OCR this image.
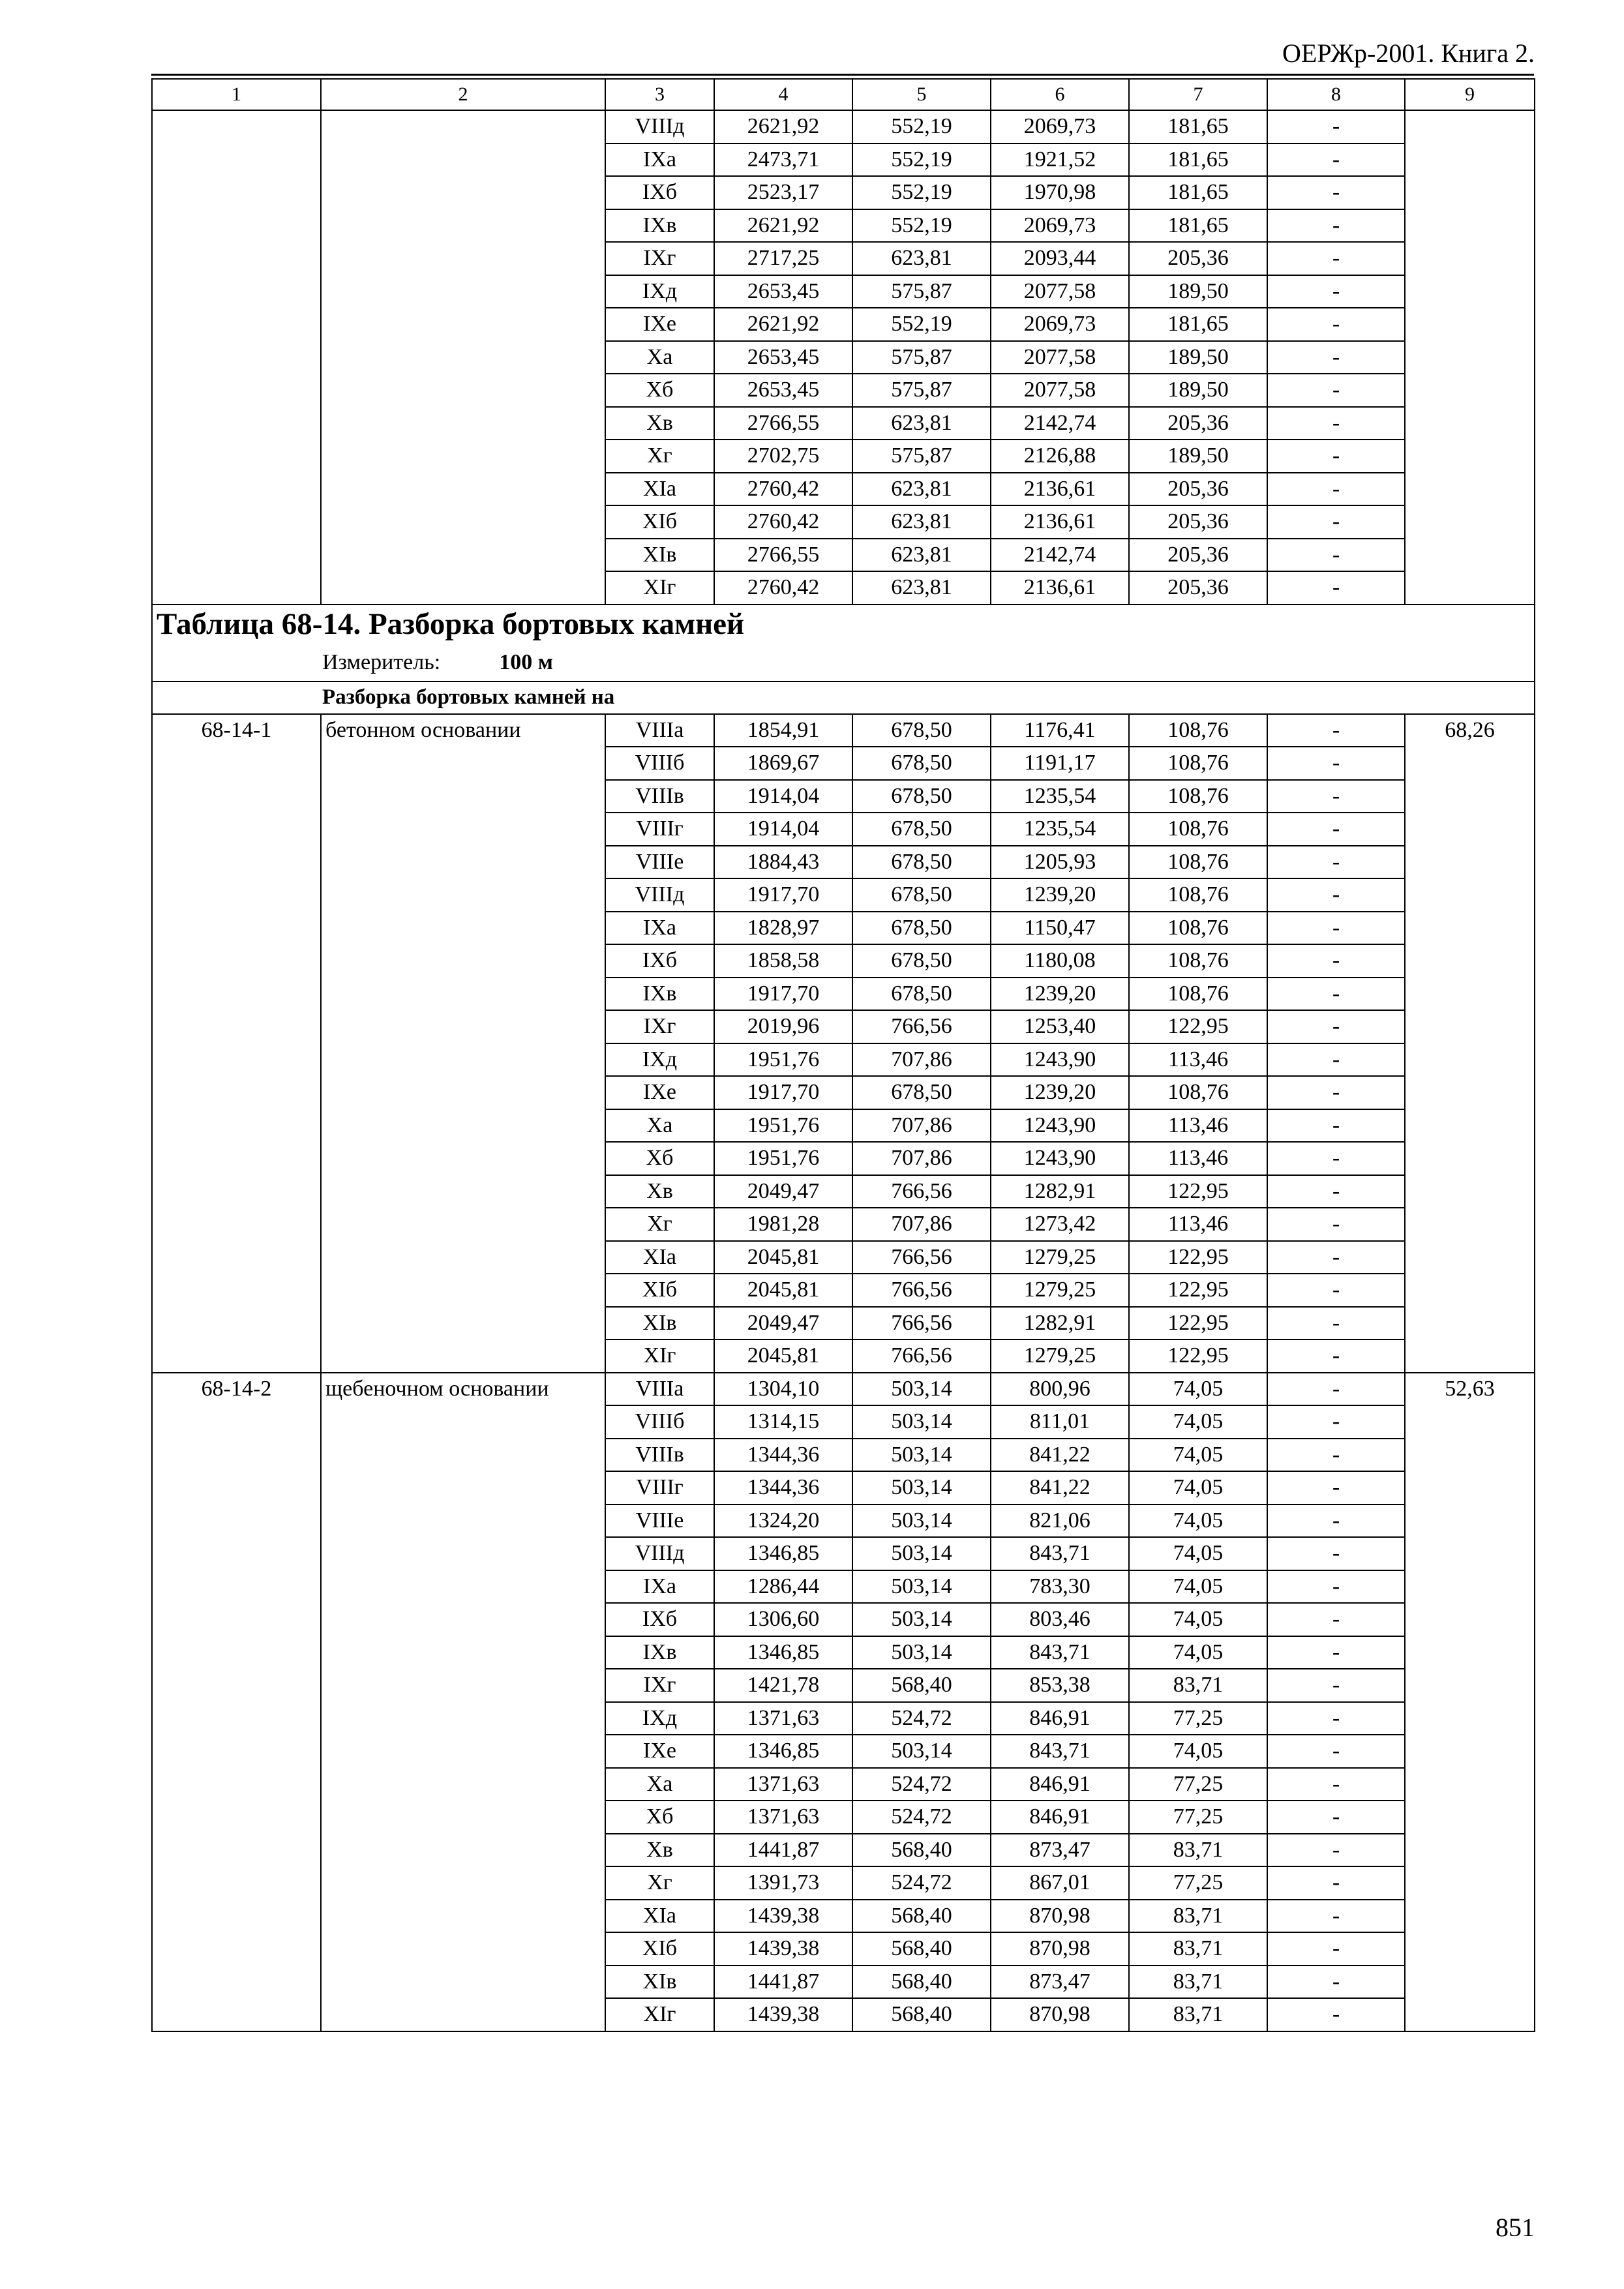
ОЕРЖр-2001. Книга 2.
1	2	3	4	5	6	7	8	9
		VIIIд	2621,92	552,19	2069,73	181,65	-	
		IXа	2473,71	552,19	1921,52	181,65	-	
		IXб	2523,17	552,19	1970,98	181,65	-	
		IXв	2621,92	552,19	2069,73	181,65	-	
		IXг	2717,25	623,81	2093,44	205,36	-	
		IXд	2653,45	575,87	2077,58	189,50	-	
		IXе	2621,92	552,19	2069,73	181,65	-	
		Xа	2653,45	575,87	2077,58	189,50	-	
		Xб	2653,45	575,87	2077,58	189,50	-	
		Xв	2766,55	623,81	2142,74	205,36	-	
		Xг	2702,75	575,87	2126,88	189,50	-	
		XIа	2760,42	623,81	2136,61	205,36	-	
		XIб	2760,42	623,81	2136,61	205,36	-	
		XIв	2766,55	623,81	2142,74	205,36	-	
		XIг	2760,42	623,81	2136,61	205,36	-	
Таблица 68-14. Разборка бортовых камней								
Измеритель: 100 м								
Разборка бортовых камней на								
68-14-1	бетонном основании	VIIIа	1854,91	678,50	1176,41	108,76	-	68,26
		VIIIб	1869,67	678,50	1191,17	108,76	-	
		VIIIв	1914,04	678,50	1235,54	108,76	-	
		VIIIг	1914,04	678,50	1235,54	108,76	-	
		VIIIе	1884,43	678,50	1205,93	108,76	-	
		VIIIд	1917,70	678,50	1239,20	108,76	-	
		IXа	1828,97	678,50	1150,47	108,76	-	
		IXб	1858,58	678,50	1180,08	108,76	-	
		IXв	1917,70	678,50	1239,20	108,76	-	
		IXг	2019,96	766,56	1253,40	122,95	-	
		IXд	1951,76	707,86	1243,90	113,46	-	
		IXе	1917,70	678,50	1239,20	108,76	-	
		Xа	1951,76	707,86	1243,90	113,46	-	
		Xб	1951,76	707,86	1243,90	113,46	-	
		Xв	2049,47	766,56	1282,91	122,95	-	
		Xг	1981,28	707,86	1273,42	113,46	-	
		XIа	2045,81	766,56	1279,25	122,95	-	
		XIб	2045,81	766,56	1279,25	122,95	-	
		XIв	2049,47	766,56	1282,91	122,95	-	
		XIг	2045,81	766,56	1279,25	122,95	-	
68-14-2	щебеночном основании	VIIIа	1304,10	503,14	800,96	74,05	-	52,63
		VIIIб	1314,15	503,14	811,01	74,05	-	
		VIIIв	1344,36	503,14	841,22	74,05	-	
		VIIIг	1344,36	503,14	841,22	74,05	-	
		VIIIе	1324,20	503,14	821,06	74,05	-	
		VIIIд	1346,85	503,14	843,71	74,05	-	
		IXа	1286,44	503,14	783,30	74,05	-	
		IXб	1306,60	503,14	803,46	74,05	-	
		IXв	1346,85	503,14	843,71	74,05	-	
		IXг	1421,78	568,40	853,38	83,71	-	
		IXд	1371,63	524,72	846,91	77,25	-	
		IXе	1346,85	503,14	843,71	74,05	-	
		Xа	1371,63	524,72	846,91	77,25	-	
		Xб	1371,63	524,72	846,91	77,25	-	
		Xв	1441,87	568,40	873,47	83,71	-	
		Xг	1391,73	524,72	867,01	77,25	-	
		XIа	1439,38	568,40	870,98	83,71	-	
		XIб	1439,38	568,40	870,98	83,71	-	
		XIв	1441,87	568,40	873,47	83,71	-	
		XIг	1439,38	568,40	870,98	83,71	-	
851
